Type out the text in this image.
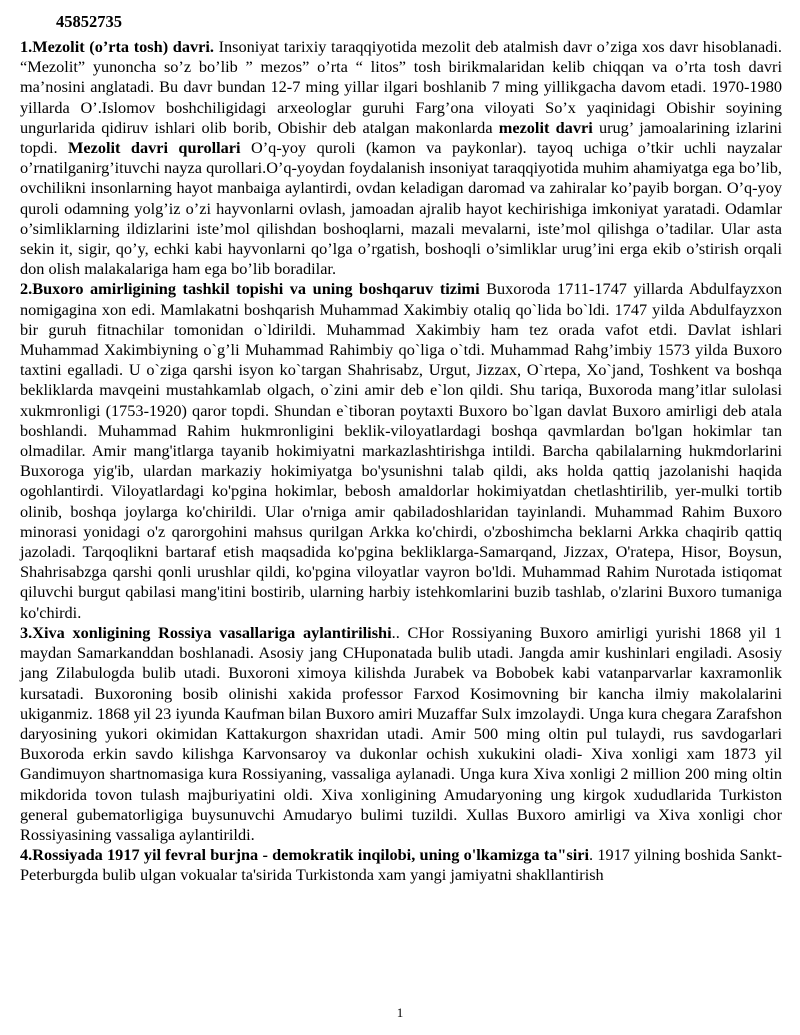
45852735

1.Mezolit (o’rta tosh) davri. Insoniyat tarixiy taraqqiyotida mezolit deb atalmish davr o’ziga xos davr hisoblanadi. “Mezolit” yunoncha so’z bo’lib ” mezos” o’rta “ litos” tosh birikmalaridan kelib chiqqan va o’rta tosh davri ma’nosini anglatadi. Bu davr bundan 12-7 ming yillar ilgari boshlanib 7 ming yillikgacha davom etadi. 1970-1980 yillarda O’.Islomov boshchiligidagi arxeologlar guruhi Farg’ona viloyati So’x yaqinidagi Obishir soyining ungurlarida qidiruv ishlari olib borib, Obishir deb atalgan makonlarda mezolit davri urug’ jamoalarining izlarini topdi. Mezolit davri qurollari O’q-yoy quroli (kamon va paykonlar). tayoq uchiga o’tkir uchli nayzalar o’rnatilganirg’ituvchi nayza qurollari.O’q-yoydan foydalanish insoniyat taraqqiyotida muhim ahamiyatga ega bo’lib, ovchilikni insonlarning hayot manbaiga aylantirdi, ovdan keladigan daromad va zahiralar ko’payib borgan. O’q-yoy quroli odamning yolg’iz o’zi hayvonlarni ovlash, jamoadan ajralib hayot kechirishiga imkoniyat yaratadi. Odamlar o’simliklarning ildizlarini iste’mol qilishdan boshoqlarni, mazali mevalarni, iste’mol qilishga o’tadilar. Ular asta sekin it, sigir, qo’y, echki kabi hayvonlarni qo’lga o’rgatish, boshoqli o’simliklar urug’ini erga ekib o’stirish orqali don olish malakalariga ham ega bo’lib boradilar.

2.Buxoro amirligining tashkil topishi va uning boshqaruv tizimi Buxoroda 1711-1747 yillarda Abdulfayzxon nomigagina xon edi. Mamlakatni boshqarish Muhammad Xakimbiy otaliq qo`lida bo`ldi. 1747 yilda Abdulfayzxon bir guruh fitnachilar tomonidan o`ldirildi. Muhammad Xakimbiy ham tez orada vafot etdi. Davlat ishlari Muhammad Xakimbiyning o`g’li Muhammad Rahimbiy qo`liga o`tdi. Muhammad Rahg’imbiy 1573 yilda Buxoro taxtini egalladi. U o`ziga qarshi isyon ko`targan Shahrisabz, Urgut, Jizzax, O`rtepa, Xo`jand, Toshkent va boshqa bekliklarda mavqeini mustahkamlab olgach, o`zini amir deb e`lon qildi. Shu tariqa, Buxoroda mang’itlar sulolasi xukmronligi (1753-1920) qaror topdi. Shundan e`tiboran poytaxti Buxoro bo`lgan davlat Buxoro amirligi deb atala boshlandi. Muhammad Rahim hukmronligini beklik-viloyatlardagi boshqa qavmlardan bo'lgan hokimlar tan olmadilar. Amir mang'itlarga tayanib hokimiyatni markazlashtirishga intildi. Barcha qabilalarning hukmdorlarini Buxoroga yig'ib, ulardan markaziy hokimiyatga bo'ysunishni talab qildi, aks holda qattiq jazolanishi haqida ogohlantirdi. Viloyatlardagi ko'pgina hokimlar, bebosh amaldorlar hokimiyatdan chetlashtirilib, yer-mulki tortib olinib, boshqa joylarga ko'chirildi. Ular o'rniga amir qabiladoshlaridan tayinlandi. Muhammad Rahim Buxoro minorasi yonidagi o'z qarorgohini mahsus qurilgan Arkka ko'chirdi, o'zboshimcha beklarni Arkka chaqirib qattiq jazoladi. Tarqoqlikni bartaraf etish maqsadida ko'pgina bekliklarga-Samarqand, Jizzax, O'ratepa, Hisor, Boysun, Shahrisabzga qarshi qonli urushlar qildi, ko'pgina viloyatlar vayron bo'ldi. Muhammad Rahim Nurotada istiqomat qiluvchi burgut qabilasi mang'itini bostirib, ularning harbiy istehkomlarini buzib tashlab, o'zlarini Buxoro tumaniga ko'chirdi.

3.Xiva xonligining Rossiya vasallariga aylantirilishi.. CHor Rossiyaning Buxoro amirligi yurishi 1868 yil 1 maydan Samarkanddan boshlanadi. Asosiy jang CHuponatada bulib utadi. Jangda amir kushinlari engiladi. Asosiy jang Zilabulogda bulib utadi. Buxoroni ximoya kilishda Jurabek va Bobobek kabi vatanparvarlar kaxramonlik kursatadi. Buxoroning bosib olinishi xakida professor Farxod Kosimovning bir kancha ilmiy makolalarini ukiganmiz. 1868 yil 23 iyunda Kaufman bilan Buxoro amiri Muzaffar Sulx imzolaydi. Unga kura chegara Zarafshon daryosining yukori okimidan Kattakurgon shaxridan utadi. Amir 500 ming oltin pul tulaydi, rus savdogarlari Buxoroda erkin savdo kilishga Karvonsaroy va dukonlar ochish xukukini oladi- Xiva xonligi xam 1873 yil Gandimuyon shartnomasiga kura Rossiyaning, vassaliga aylanadi. Unga kura Xiva xonligi 2 million 200 ming oltin mikdorida tovon tulash majburiyatini oldi. Xiva xonligining Amudaryoning ung kirgok xududlarida Turkiston general gubematorligiga buysunuvchi Amudaryo bulimi tuzildi. Xullas Buxoro amirligi va Xiva xonligi chor Rossiyasining vassaliga aylantirildi.

4.Rossiyada 1917 yil fevral burjna - demokratik inqilobi, uning o'lkamizga ta"siri. 1917 yilning boshida Sankt-Peterburgda bulib ulgan vokualar ta'sirida Turkistonda xam yangi jamiyatni shakllantirish

1
